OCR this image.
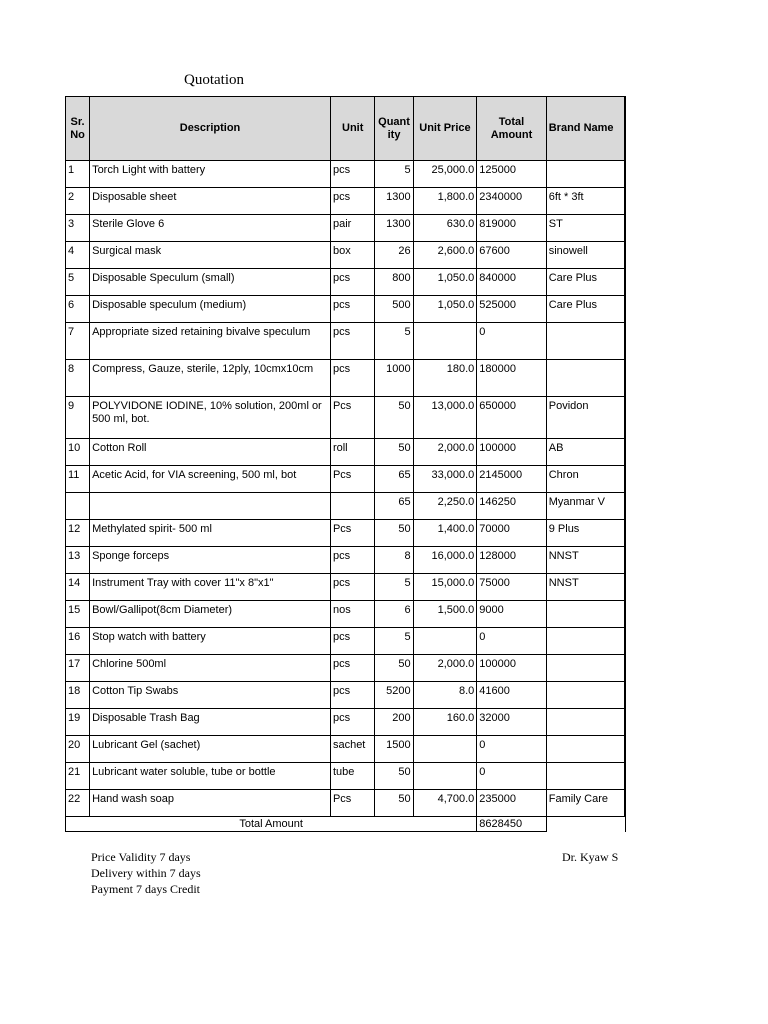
Quotation
Sr. No	Description	Unit	Quantity	Unit Price	Total Amount	Brand Name
1	Torch Light with battery	pcs	5	25,000.0	125000	
2	Disposable sheet	pcs	1300	1,800.0	2340000	6ft * 3ft
3	Sterile Glove 6	pair	1300	630.0	819000	ST
4	Surgical mask	box	26	2,600.0	67600	sinowell
5	Disposable Speculum (small)	pcs	800	1,050.0	840000	Care Plus
6	Disposable speculum (medium)	pcs	500	1,050.0	525000	Care Plus
7	Appropriate sized retaining bivalve speculum	pcs	5		0	
8	Compress, Gauze, sterile, 12ply, 10cmx10cm	pcs	1000	180.0	180000	
9	POLYVIDONE IODINE, 10% solution, 200ml or 500 ml, bot.	Pcs	50	13,000.0	650000	Povidon
10	Cotton Roll	roll	50	2,000.0	100000	AB
11	Acetic Acid, for VIA screening, 500 ml, bot	Pcs	65	33,000.0	2145000	Chron
			65	2,250.0	146250	Myanmar V
12	Methylated spirit- 500 ml	Pcs	50	1,400.0	70000	9 Plus
13	Sponge forceps	pcs	8	16,000.0	128000	NNST
14	Instrument Tray with cover 11"x 8"x1"	pcs	5	15,000.0	75000	NNST
15	Bowl/Gallipot(8cm Diameter)	nos	6	1,500.0	9000	
16	Stop watch with battery	pcs	5		0	
17	Chlorine 500ml	pcs	50	2,000.0	100000	
18	Cotton Tip Swabs	pcs	5200	8.0	41600	
19	Disposable Trash Bag	pcs	200	160.0	32000	
20	Lubricant Gel (sachet)	sachet	1500		0	
21	Lubricant water soluble, tube or bottle	tube	50		0	
22	Hand wash soap	Pcs	50	4,700.0	235000	Family Care
Total Amount					8628450	
Price Validity 7 days
Delivery within 7 days
Payment 7 days Credit
Dr. Kyaw S
